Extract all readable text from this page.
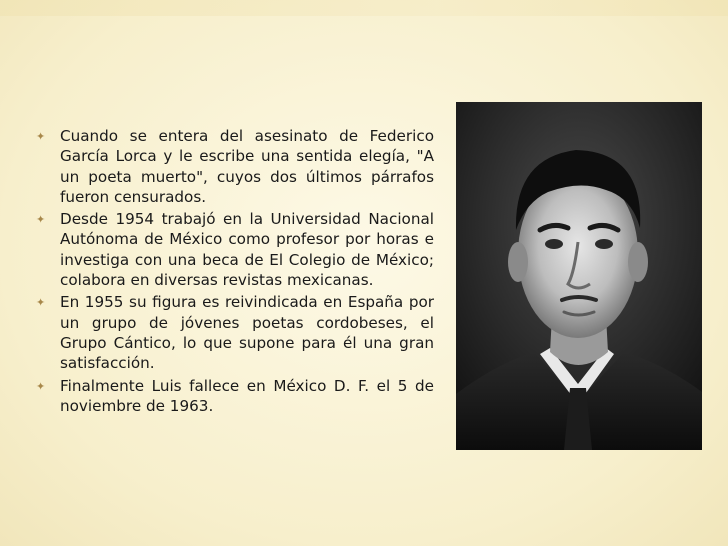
✦ Cuando se entera del asesinato de Federico García Lorca y le escribe una sentida elegía, "A un poeta muerto", cuyos dos últimos párrafos fueron censurados.
✦ Desde 1954 trabajó en la Universidad Nacional Autónoma de México como profesor por horas e investiga con una beca de El Colegio de México; colabora en diversas revistas mexicanas.
✦ En 1955 su figura es reivindicada en España por un grupo de jóvenes poetas cordobeses, el Grupo Cántico, lo que supone para él una gran satisfacción.
✦ Finalmente Luis fallece en México D. F. el 5 de noviembre de 1963.
